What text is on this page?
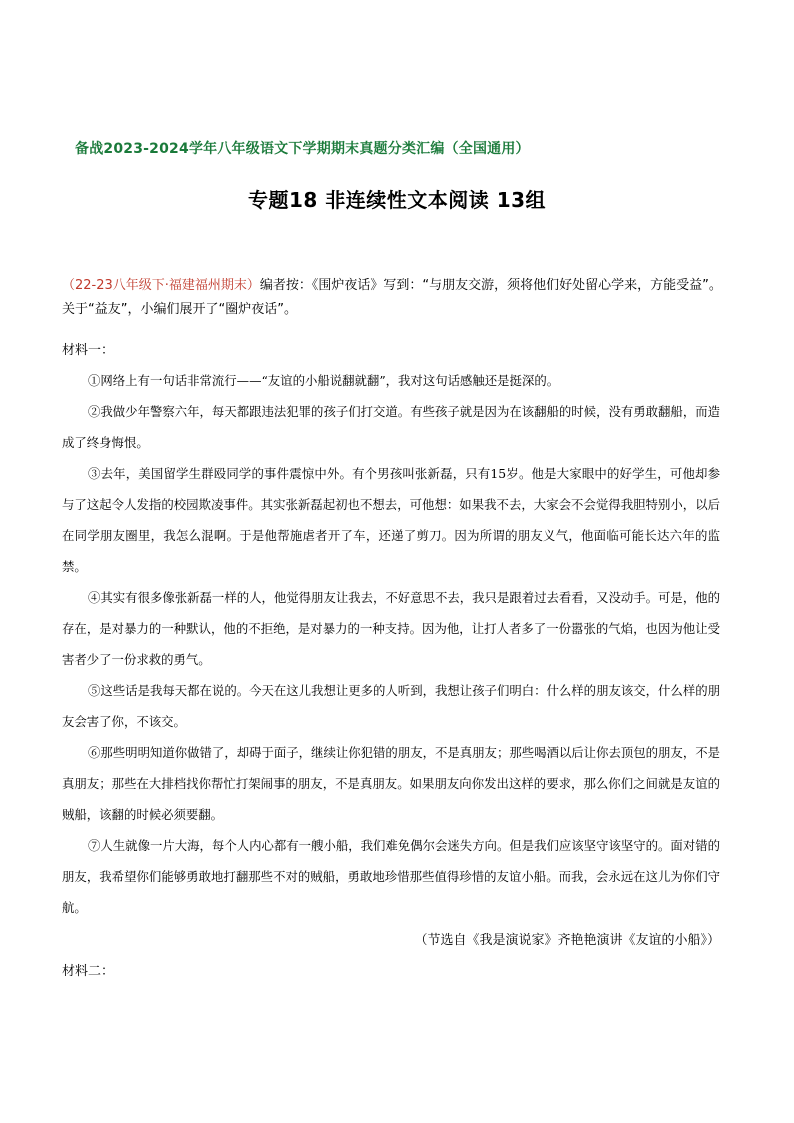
备战2023-2024学年八年级语文下学期期末真题分类汇编（全国通用）
专题18 非连续性文本阅读 13组
（22-23八年级下·福建福州期末）编者按：《围炉夜话》写到：“与朋友交游，须将他们好处留心学来，方能受益”。关于“益友”，小编们展开了“圈炉夜话”。
材料一：

①网络上有一句话非常流行——“友谊的小船说翻就翻”，我对这句话感触还是挺深的。

②我做少年警察六年，每天都跟违法犯罪的孩子们打交道。有些孩子就是因为在该翻船的时候，没有勇敢翻船，而造成了终身悔恨。

③去年，美国留学生群殴同学的事件震惊中外。有个男孩叫张新磊，只有15岁。他是大家眼中的好学生，可他却参与了这起令人发指的校园欺凌事件。其实张新磊起初也不想去，可他想：如果我不去，大家会不会觉得我胆特别小，以后在同学朋友圈里，我怎么混啊。于是他帮施虐者开了车，还递了剪刀。因为所谓的朋友义气，他面临可能长达六年的监禁。

④其实有很多像张新磊一样的人，他觉得朋友让我去，不好意思不去，我只是跟着过去看看，又没动手。可是，他的存在，是对暴力的一种默认，他的不拒绝，是对暴力的一种支持。因为他，让打人者多了一份嚣张的气焰，也因为他让受害者少了一份求救的勇气。

⑤这些话是我每天都在说的。今天在这儿我想让更多的人听到，我想让孩子们明白：什么样的朋友该交，什么样的朋友会害了你，不该交。

⑥那些明明知道你做错了，却碍于面子，继续让你犯错的朋友，不是真朋友；那些喝酒以后让你去顶包的朋友，不是真朋友；那些在大排档找你帮忙打架闹事的朋友，不是真朋友。如果朋友向你发出这样的要求，那么你们之间就是友谊的贼船，该翻的时候必须要翻。

⑦人生就像一片大海，每个人内心都有一艘小船，我们难免偶尔会迷失方向。但是我们应该坚守该坚守的。面对错的朋友，我希望你们能够勇敢地打翻那些不对的贼船，勇敢地珍惜那些值得珍惜的友谊小船。而我，会永远在这儿为你们守航。

（节选自《我是演说家》齐艳艳演讲《友谊的小船》）
材料二：
